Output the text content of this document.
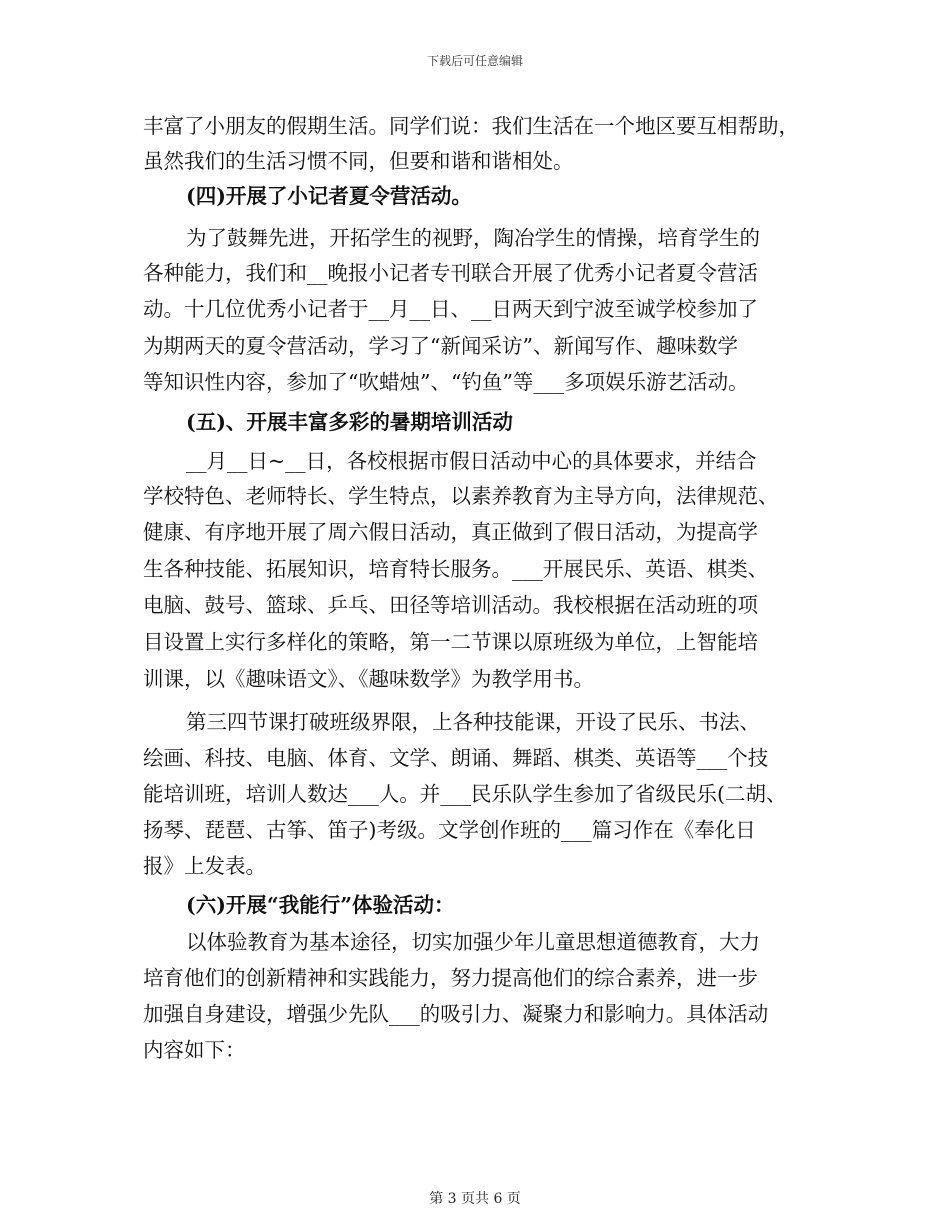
下载后可任意编辑
丰富了小朋友的假期生活。同学们说：我们生活在一个地区要互相帮助，
虽然我们的生活习惯不同，但要和谐和谐相处。
(四)开展了小记者夏令营活动。
为了鼓舞先进，开拓学生的视野，陶冶学生的情操，培育学生的
各种能力，我们和__晚报小记者专刊联合开展了优秀小记者夏令营活
动。十几位优秀小记者于__月__日、__日两天到宁波至诚学校参加了
为期两天的夏令营活动，学习了“新闻采访”、新闻写作、趣味数学
等知识性内容，参加了“吹蜡烛”、“钓鱼”等___多项娱乐游艺活动。
(五)、开展丰富多彩的暑期培训活动
__月__日~__日，各校根据市假日活动中心的具体要求，并结合
学校特色、老师特长、学生特点，以素养教育为主导方向，法律规范、
健康、有序地开展了周六假日活动，真正做到了假日活动，为提高学
生各种技能、拓展知识，培育特长服务。___开展民乐、英语、棋类、
电脑、鼓号、篮球、乒乓、田径等培训活动。我校根据在活动班的项
目设置上实行多样化的策略，第一二节课以原班级为单位，上智能培
训课，以《趣味语文》、《趣味数学》为教学用书。
第三四节课打破班级界限，上各种技能课，开设了民乐、书法、
绘画、科技、电脑、体育、文学、朗诵、舞蹈、棋类、英语等___个技
能培训班，培训人数达___人。并___民乐队学生参加了省级民乐(二胡、
扬琴、琵琶、古筝、笛子)考级。文学创作班的___篇习作在《奉化日
报》上发表。
(六)开展“我能行”体验活动：
以体验教育为基本途径，切实加强少年儿童思想道德教育，大力
培育他们的创新精神和实践能力，努力提高他们的综合素养，进一步
加强自身建设，增强少先队___的吸引力、凝聚力和影响力。具体活动
内容如下：
第 3 页共 6 页
